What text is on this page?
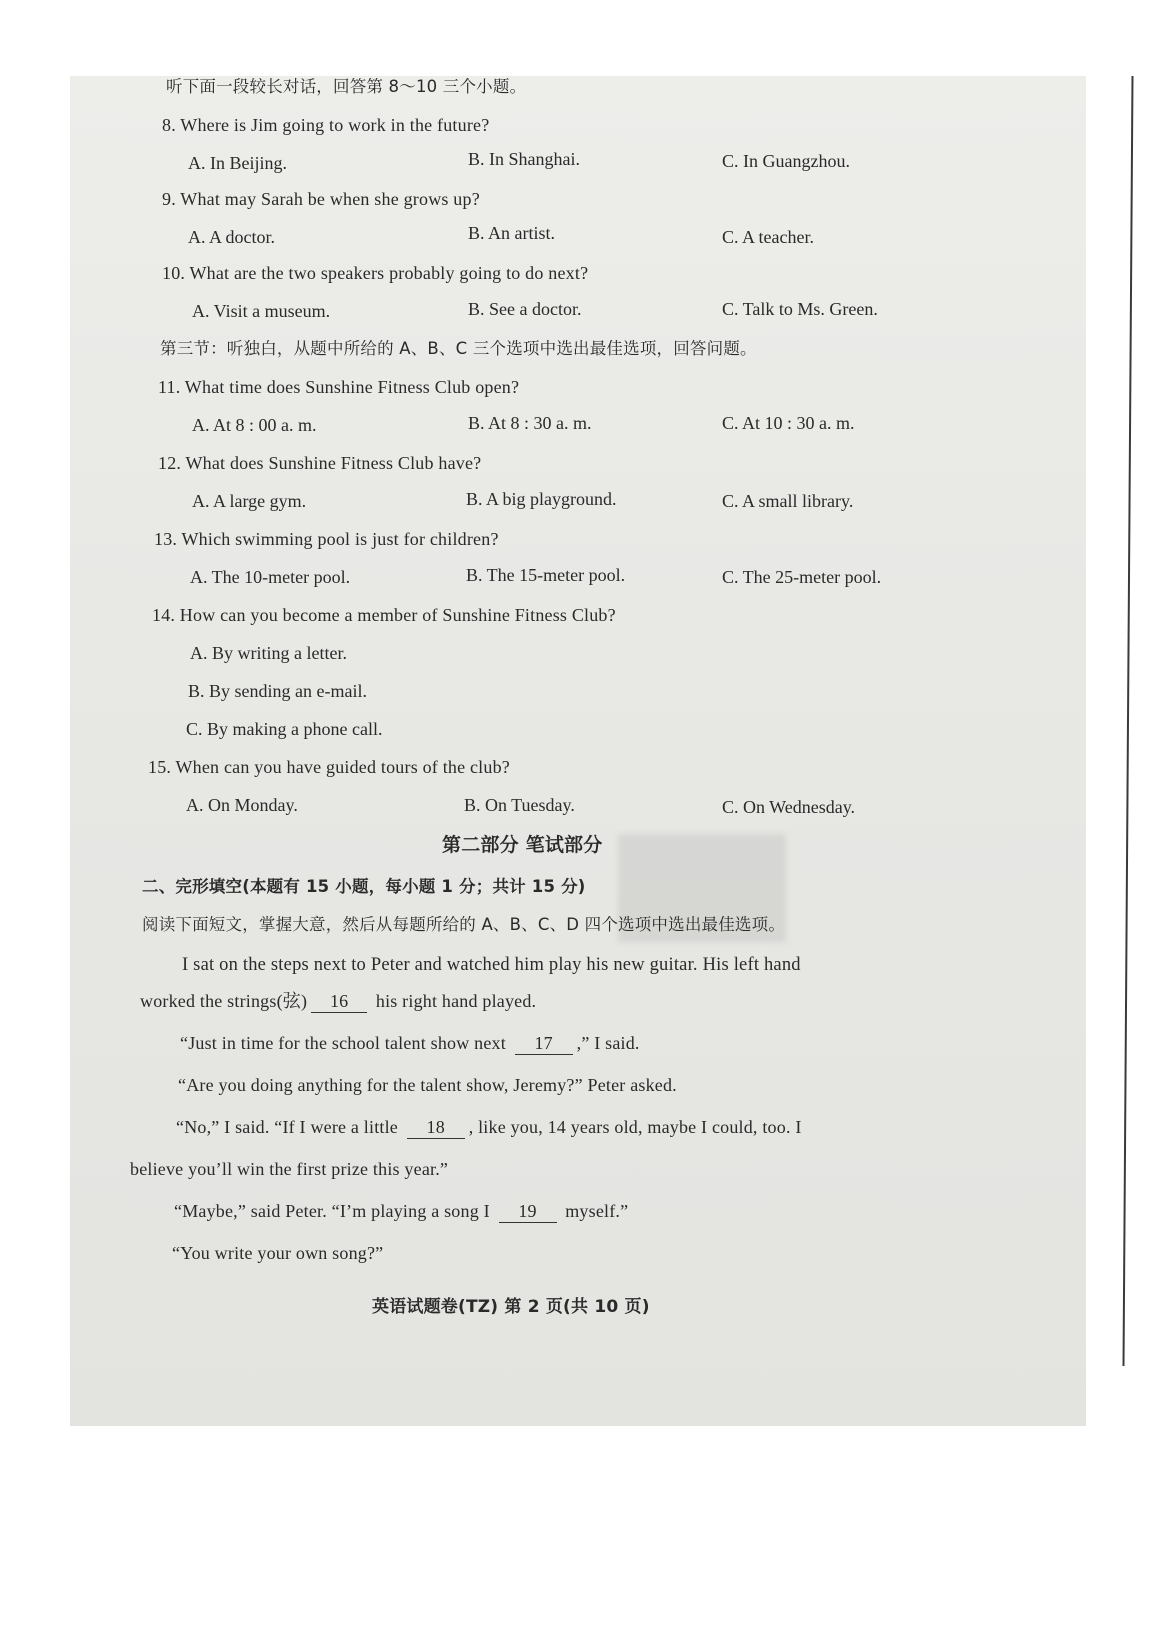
听下面一段较长对话，回答第 8～10 三个小题。
8. Where is Jim going to work in the future?
A. In Beijing.	B. In Shanghai.	C. In Guangzhou.
9. What may Sarah be when she grows up?
A. A doctor.	B. An artist.	C. A teacher.
10. What are the two speakers probably going to do next?
A. Visit a museum.	B. See a doctor.	C. Talk to Ms. Green.
第三节：听独白，从题中所给的 A、B、C 三个选项中选出最佳选项，回答问题。
11. What time does Sunshine Fitness Club open?
A. At 8 : 00 a. m.	B. At 8 : 30 a. m.	C. At 10 : 30 a. m.
12. What does Sunshine Fitness Club have?
A. A large gym.	B. A big playground.	C. A small library.
13. Which swimming pool is just for children?
A. The 10-meter pool.	B. The 15-meter pool.	C. The 25-meter pool.
14. How can you become a member of Sunshine Fitness Club?
A. By writing a letter.
B. By sending an e-mail.
C. By making a phone call.
15. When can you have guided tours of the club?
A. On Monday.	B. On Tuesday.	C. On Wednesday.
第二部分 笔试部分
二、完形填空(本题有 15 小题，每小题 1 分；共计 15 分)
阅读下面短文，掌握大意，然后从每题所给的 A、B、C、D 四个选项中选出最佳选项。
I sat on the steps next to Peter and watched him play his new guitar. His left hand
worked the strings(弦) 16 his right hand played.
“Just in time for the school talent show next 17 ,” I said.
“Are you doing anything for the talent show, Jeremy?” Peter asked.
“No,” I said. “If I were a little 18 , like you, 14 years old, maybe I could, too. I
believe you’ll win the first prize this year.”
“Maybe,” said Peter. “I’m playing a song I 19 myself.”
“You write your own song?”
英语试题卷(TZ) 第 2 页(共 10 页)
